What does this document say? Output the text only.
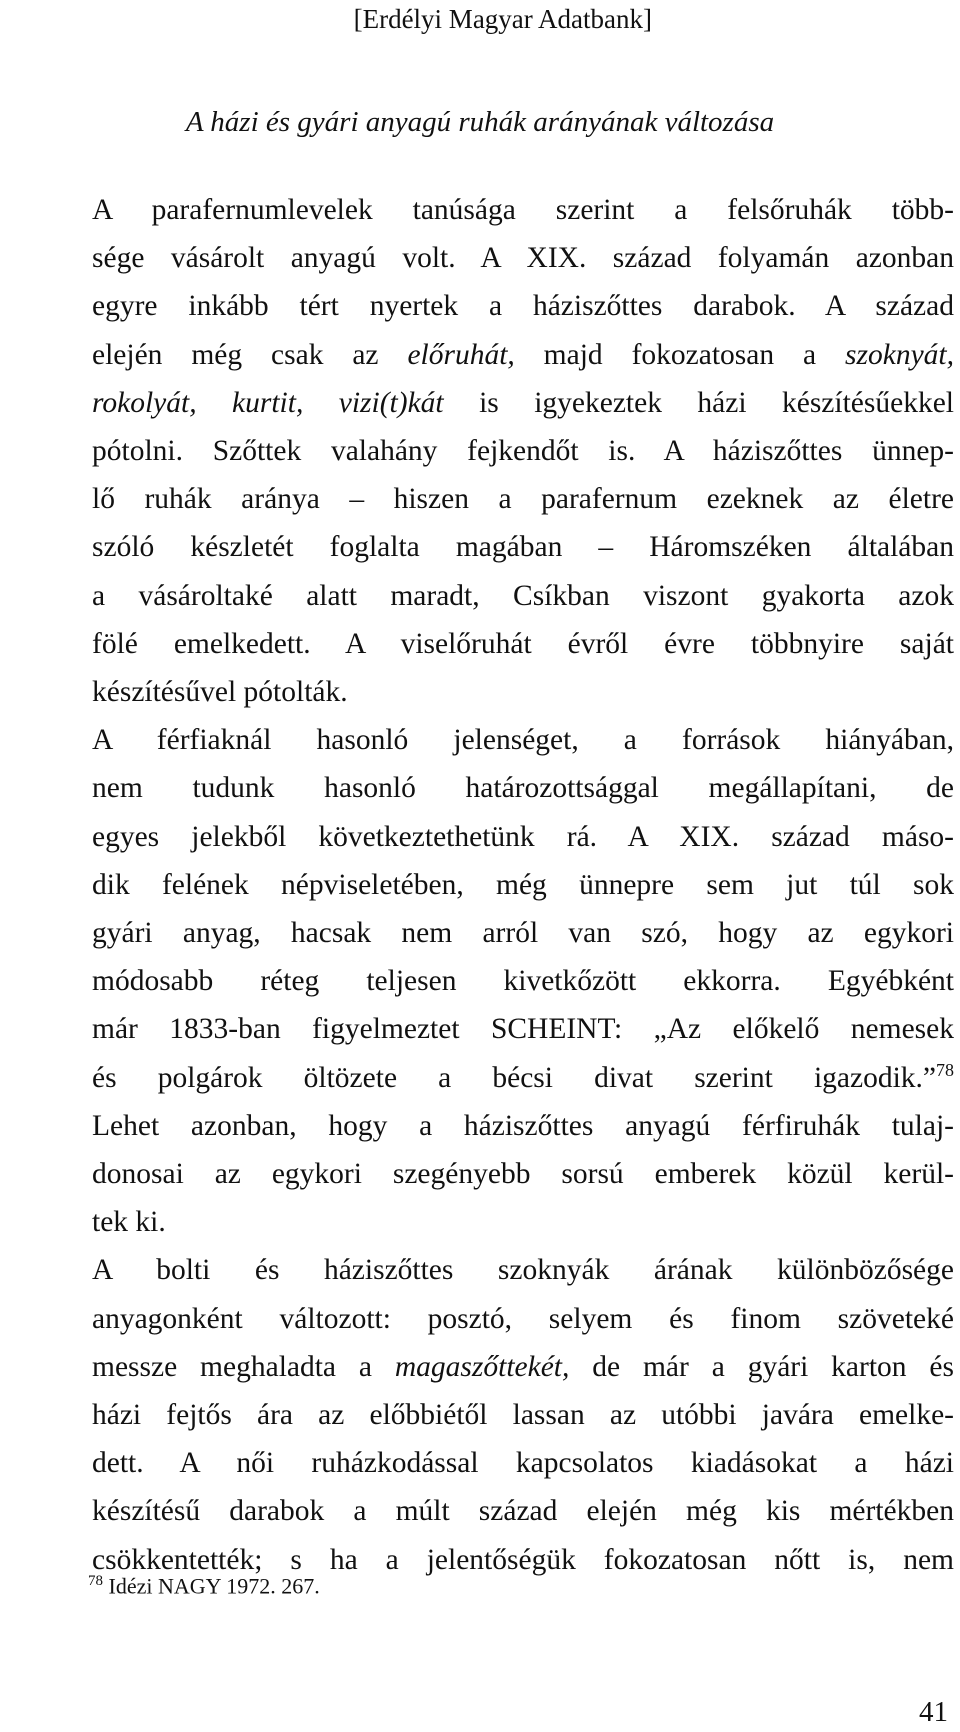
[Erdélyi Magyar Adatbank]
A házi és gyári anyagú ruhák arányának változása
A parafernumlevelek tanúsága szerint a felsőruhák több-
sége vásárolt anyagú volt. A XIX. század folyamán azonban
egyre inkább tért nyertek a háziszőttes darabok. A század
elején még csak az előruhát, majd fokozatosan a szoknyát,
rokolyát, kurtit, vizi(t)kát is igyekeztek házi készítésűekkel
pótolni. Szőttek valahány fejkendőt is. A háziszőttes ünnep-
lő ruhák aránya – hiszen a parafernum ezeknek az életre
szóló készletét foglalta magában – Háromszéken általában
a vásároltaké alatt maradt, Csíkban viszont gyakorta azok
fölé emelkedett. A viselőruhát évről évre többnyire saját
készítésűvel pótolták.
A férfiaknál hasonló jelenséget, a források hiányában,
nem tudunk hasonló határozottsággal megállapítani, de
egyes jelekből következtethetünk rá. A XIX. század máso-
dik felének népviseletében, még ünnepre sem jut túl sok
gyári anyag, hacsak nem arról van szó, hogy az egykori
módosabb réteg teljesen kivetkőzött ekkorra. Egyébként
már 1833-ban figyelmeztet SCHEINT: „Az előkelő nemesek
és polgárok öltözete a bécsi divat szerint igazodik.”$^{78}$
Lehet azonban, hogy a háziszőttes anyagú férfiruhák tulaj-
donosai az egykori szegényebb sorsú emberek közül kerül-
tek ki.
A bolti és háziszőttes szoknyák árának különbözősége
anyagonként változott: posztó, selyem és finom szöveteké
messze meghaladta a magaszőttekét, de már a gyári karton és
házi fejtős ára az előbbiétől lassan az utóbbi javára emelke-
dett. A női ruházkodással kapcsolatos kiadásokat a házi
készítésű darabok a múlt század elején még kis mértékben
csökkentették; s ha a jelentőségük fokozatosan nőtt is, nem
$^{78}$ Idézi NAGY 1972. 267.
41
